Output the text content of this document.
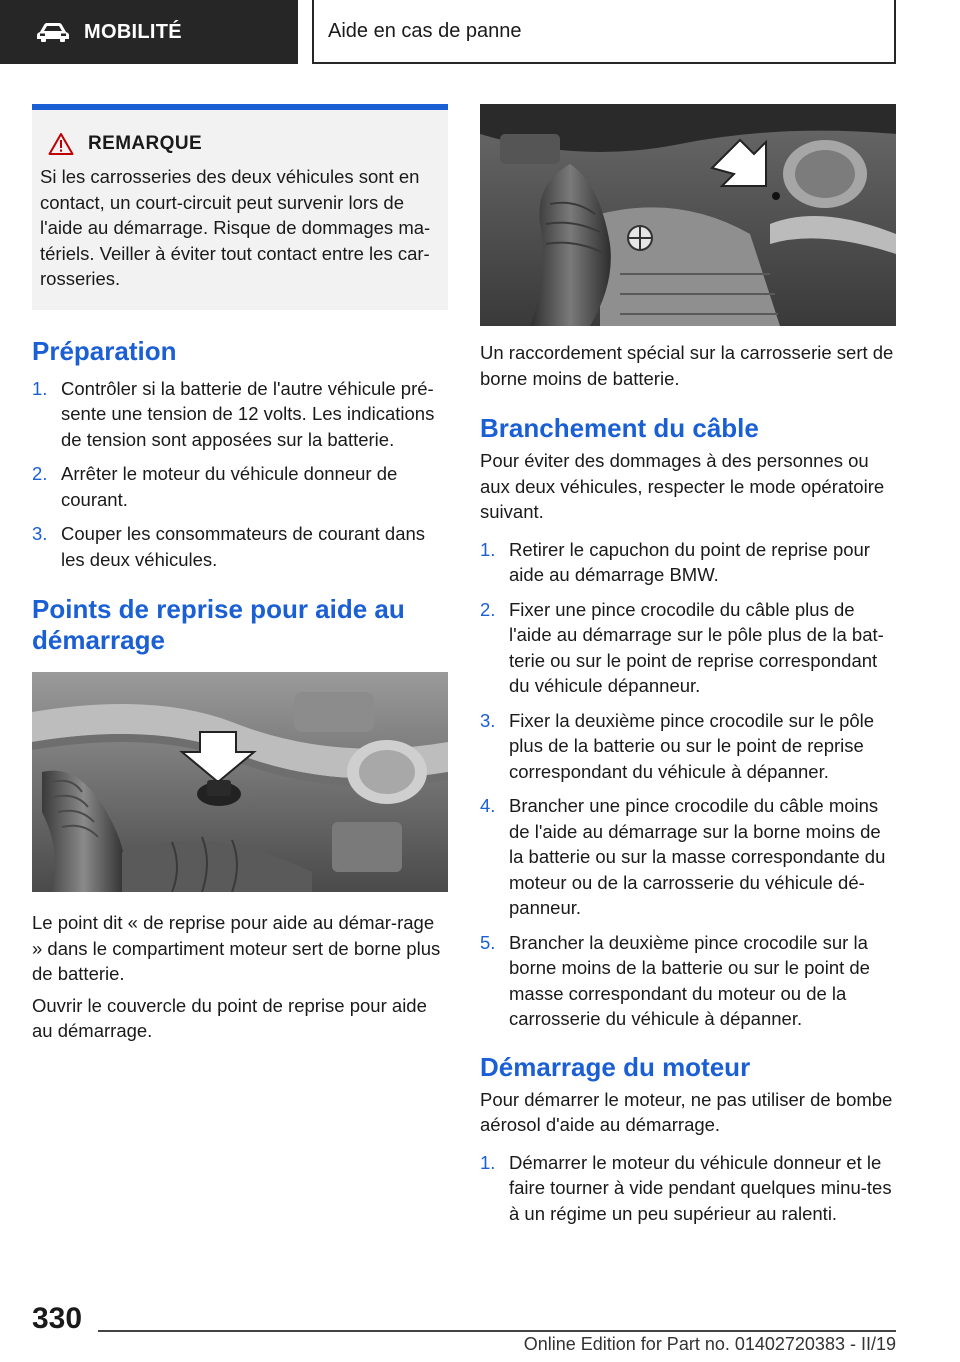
MOBILITÉ	Aide en cas de panne
REMARQUE

Si les carrosseries des deux véhicules sont en contact, un court-circuit peut survenir lors de l'aide au démarrage. Risque de dommages ma-tériels. Veiller à éviter tout contact entre les car-rosseries.

Préparation
1. Contrôler si la batterie de l'autre véhicule pré-sente une tension de 12 volts. Les indications de tension sont apposées sur la batterie.
2. Arrêter le moteur du véhicule donneur de courant.
3. Couper les consommateurs de courant dans les deux véhicules.
Points de reprise pour aide au démarrage

Le point dit « de reprise pour aide au démar-rage » dans le compartiment moteur sert de borne plus de batterie.

Ouvrir le couvercle du point de reprise pour aide au démarrage.

Un raccordement spécial sur la carrosserie sert de borne moins de batterie.

Branchement du câble

Pour éviter des dommages à des personnes ou aux deux véhicules, respecter le mode opératoire suivant.

1. Retirer le capuchon du point de reprise pour aide au démarrage BMW.
2. Fixer une pince crocodile du câble plus de l'aide au démarrage sur le pôle plus de la bat-terie ou sur le point de reprise correspondant du véhicule dépanneur.
3. Fixer la deuxième pince crocodile sur le pôle plus de la batterie ou sur le point de reprise correspondant du véhicule à dépanner.
4. Brancher une pince crocodile du câble moins de l'aide au démarrage sur la borne moins de la batterie ou sur la masse correspondante du moteur ou de la carrosserie du véhicule dé-panneur.
5. Brancher la deuxième pince crocodile sur la borne moins de la batterie ou sur le point de masse correspondant du moteur ou de la carrosserie du véhicule à dépanner.
Démarrage du moteur

Pour démarrer le moteur, ne pas utiliser de bombe aérosol d'aide au démarrage.

1. Démarrer le moteur du véhicule donneur et le faire tourner à vide pendant quelques minu-tes à un régime un peu supérieur au ralenti.
330
Online Edition for Part no. 01402720383 - II/19
